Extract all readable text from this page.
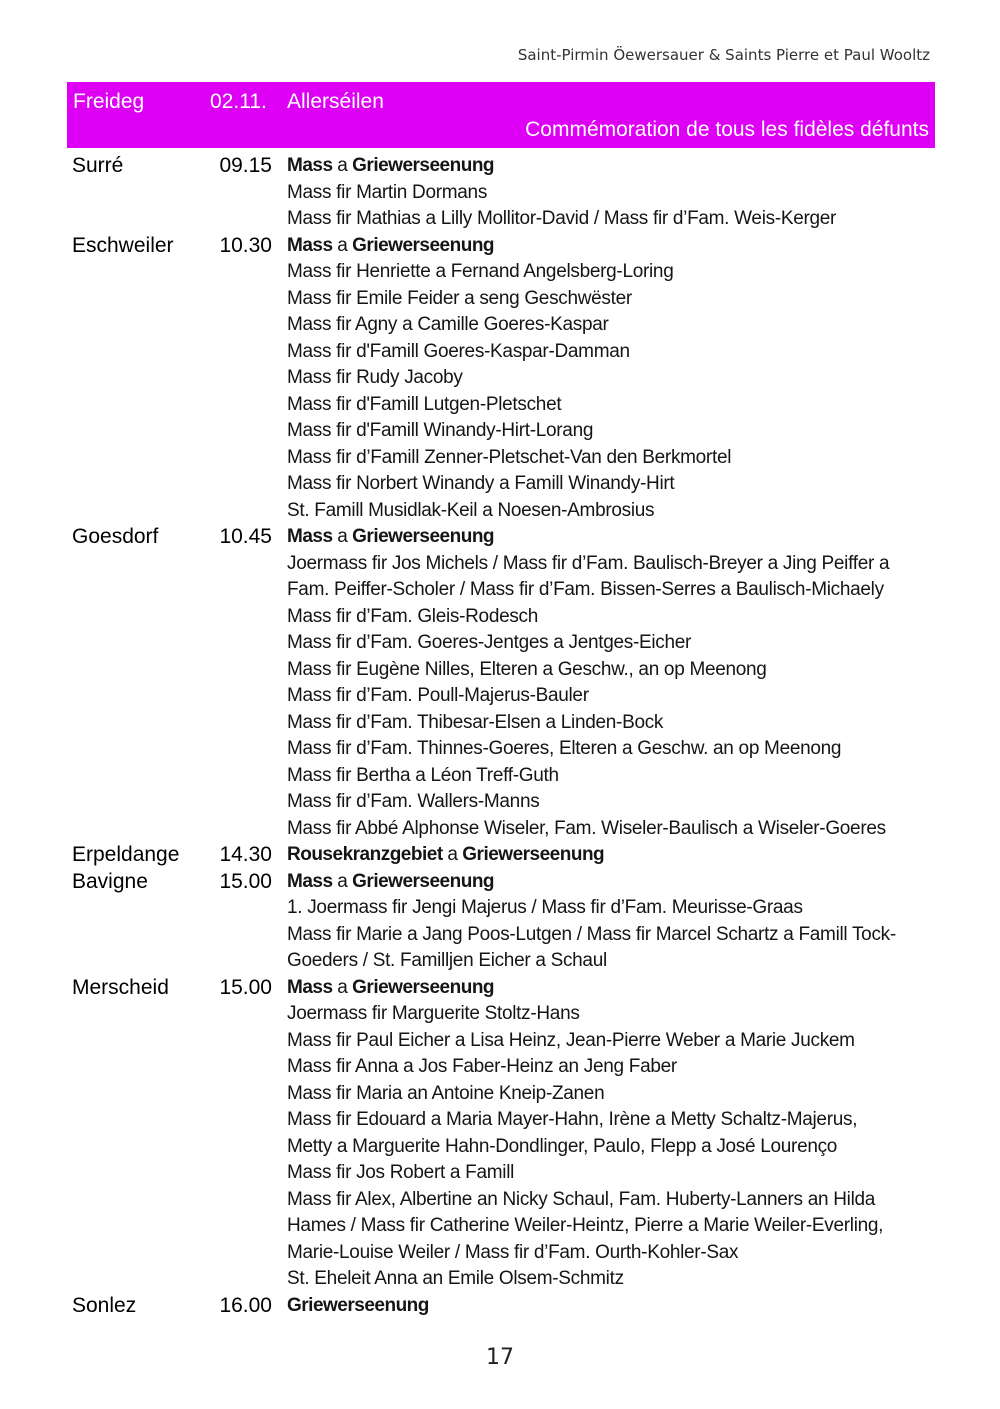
Saint-Pirmin Öewersauer & Saints Pierre et Paul Wooltz
Freideg	02.11. Allerséilen
Commémoration de tous les fidèles défunts
Surré	09.15 Mass a Griewerseenung
Mass fir Martin Dormans
Mass fir Mathias a Lilly Mollitor-David / Mass fir d’Fam. Weis-Kerger
Eschweiler	10.30 Mass a Griewerseenung
Mass fir Henriette a Fernand Angelsberg-Loring
Mass fir Emile Feider a seng Geschwëster
Mass fir Agny a Camille Goeres-Kaspar
Mass fir d'Famill Goeres-Kaspar-Damman
Mass fir Rudy Jacoby
Mass fir d'Famill Lutgen-Pletschet
Mass fir d'Famill Winandy-Hirt-Lorang
Mass fir d’Famill Zenner-Pletschet-Van den Berkmortel
Mass fir Norbert Winandy a Famill Winandy-Hirt
St. Famill Musidlak-Keil a Noesen-Ambrosius
Goesdorf	10.45 Mass a Griewerseenung
Joermass fir Jos Michels / Mass fir d’Fam. Baulisch-Breyer a Jing Peiffer a
Fam. Peiffer-Scholer / Mass fir d’Fam. Bissen-Serres a Baulisch-Michaely
Mass fir d’Fam. Gleis-Rodesch
Mass fir d’Fam. Goeres-Jentges a Jentges-Eicher
Mass fir Eugène Nilles, Elteren a Geschw., an op Meenong
Mass fir d’Fam. Poull-Majerus-Bauler
Mass fir d’Fam. Thibesar-Elsen a Linden-Bock
Mass fir d’Fam. Thinnes-Goeres, Elteren a Geschw. an op Meenong
Mass fir Bertha a Léon Treff-Guth
Mass fir d’Fam. Wallers-Manns
Mass fir Abbé Alphonse Wiseler, Fam. Wiseler-Baulisch a Wiseler-Goeres
Erpeldange	14.30 Rousekranzgebiet a Griewerseenung
Bavigne	15.00 Mass a Griewerseenung
1. Joermass fir Jengi Majerus / Mass fir d’Fam. Meurisse-Graas
Mass fir Marie a Jang Poos-Lutgen / Mass fir Marcel Schartz a Famill Tock-
Goeders / St. Familljen Eicher a Schaul
Merscheid	15.00 Mass a Griewerseenung
Joermass fir Marguerite Stoltz-Hans
Mass fir Paul Eicher a Lisa Heinz, Jean-Pierre Weber a Marie Juckem
Mass fir Anna a Jos Faber-Heinz an Jeng Faber
Mass fir Maria an Antoine Kneip-Zanen
Mass fir Edouard a Maria Mayer-Hahn, Irène a Metty Schaltz-Majerus,
Metty a Marguerite Hahn-Dondlinger, Paulo, Flepp a José Lourenço
Mass fir Jos Robert a Famill
Mass fir Alex, Albertine an Nicky Schaul, Fam. Huberty-Lanners an Hilda
Hames / Mass fir Catherine Weiler-Heintz, Pierre a Marie Weiler-Everling,
Marie-Louise Weiler / Mass fir d’Fam. Ourth-Kohler-Sax
St. Eheleit Anna an Emile Olsem-Schmitz
Sonlez	16.00 Griewerseenung
17
